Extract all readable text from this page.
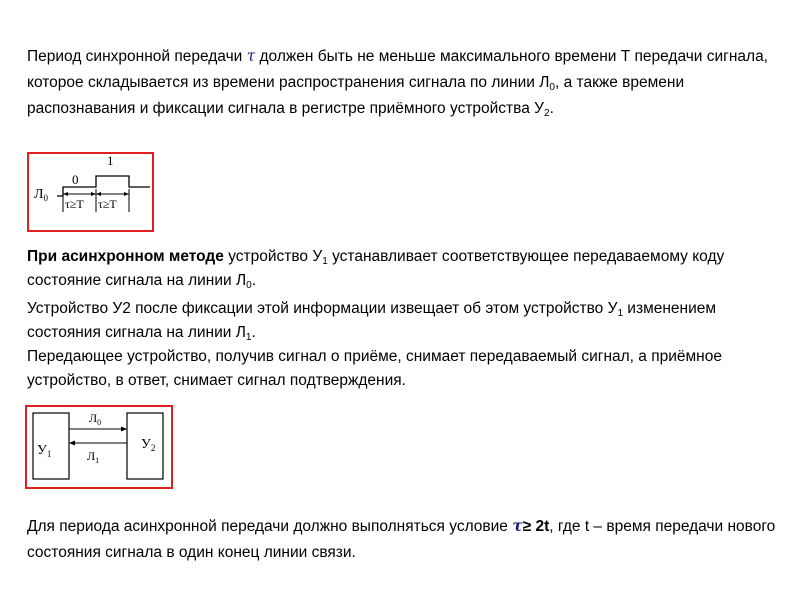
Период синхронной передачи τ должен быть не меньше максимального времени Т передачи сигнала, которое складывается из времени распространения сигнала по линии $Л_0$, а также времени распознавания и фиксации сигнала в регистре приёмного устройства $У_2$.

$Л_0$
0
1
τ≥T τ≥T

При асинхронном методе устройство $У_1$ устанавливает соответствующее передаваемому коду состояние сигнала на линии $Л_0$.

Устройство У2 после фиксации этой информации извещает об этом устройство $У_1$ изменением состояния сигнала на линии $Л_1$.

Передающее устройство, получив сигнал о приёме, снимает передаваемый сигнал, а приёмное устройство, в ответ, снимает сигнал подтверждения.

$У_1$
$У_2$
$Л_0$
$Л_1$

Для периода асинхронной передачи должно выполняться условие τ≥ 2t, где t – время передачи нового состояния сигнала в один конец линии связи.
